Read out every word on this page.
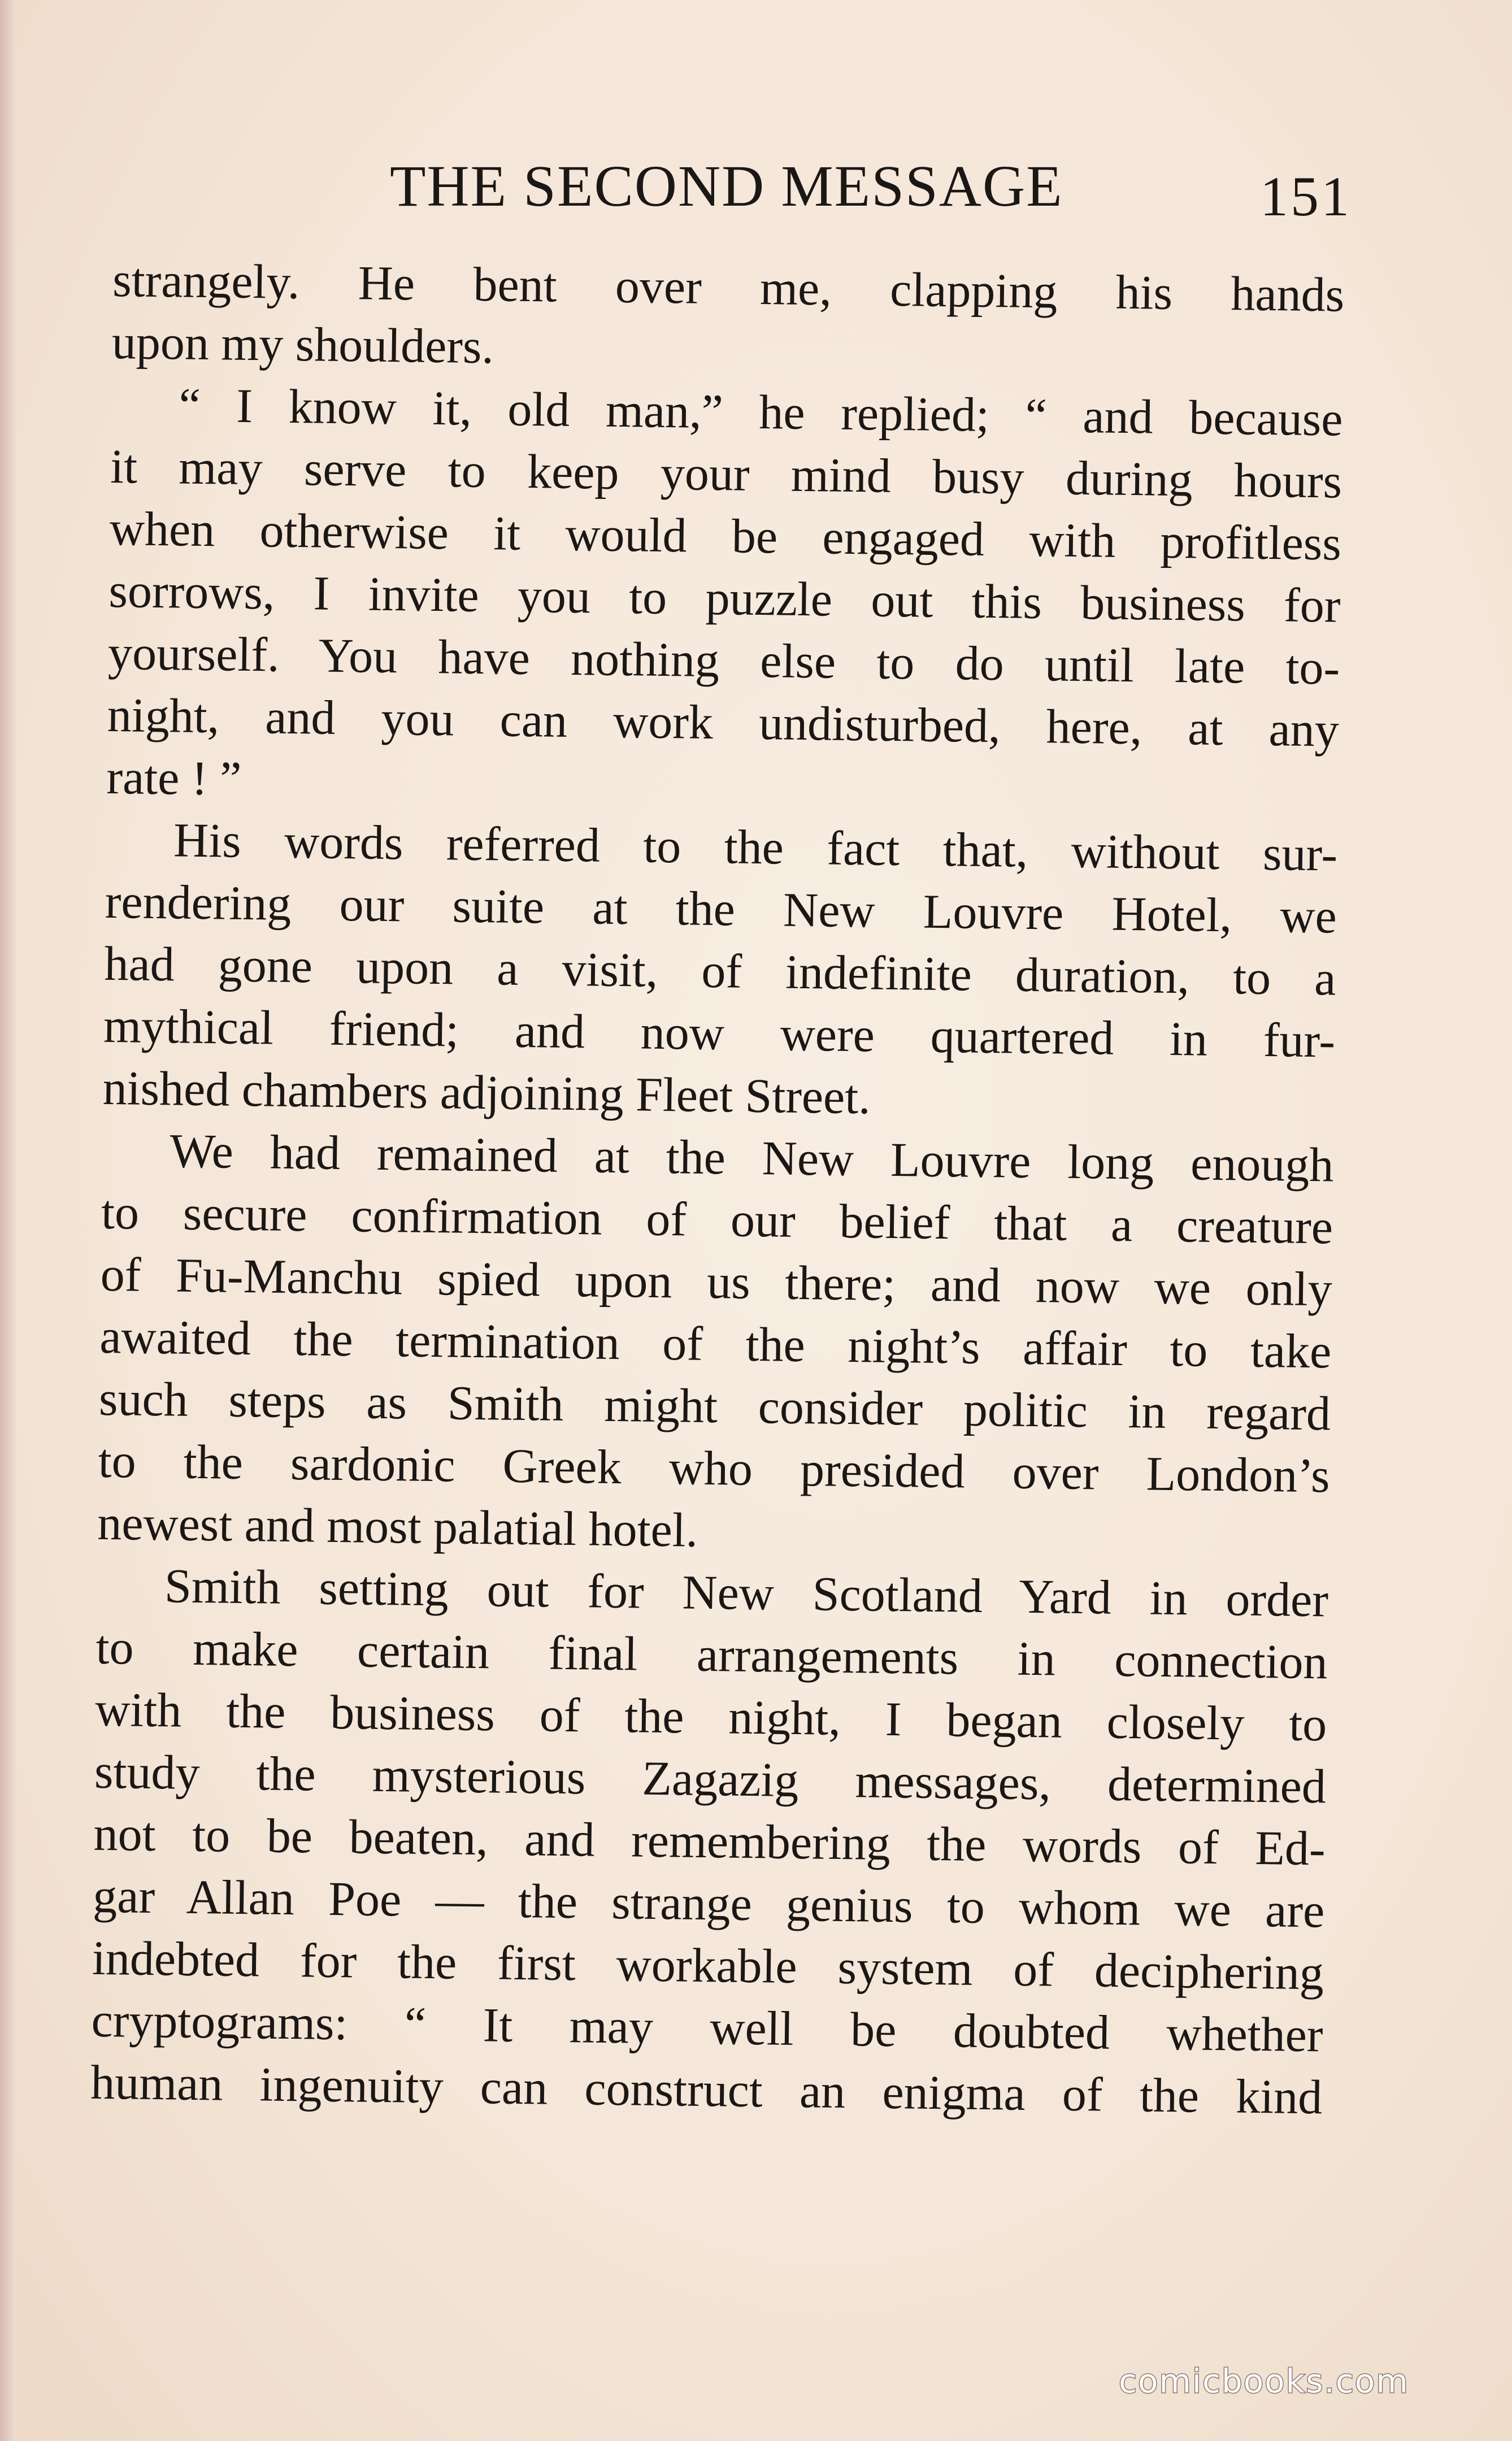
THE SECOND MESSAGE	151
strangely. He bent over me, clapping his hands
upon my shoulders.
“ I know it, old man,” he replied; “ and because
it may serve to keep your mind busy during hours
when otherwise it would be engaged with profitless
sorrows, I invite you to puzzle out this business for
yourself. You have nothing else to do until late to-
night, and you can work undisturbed, here, at any
rate ! ”
His words referred to the fact that, without sur-
rendering our suite at the New Louvre Hotel, we
had gone upon a visit, of indefinite duration, to a
mythical friend; and now were quartered in fur-
nished chambers adjoining Fleet Street.
We had remained at the New Louvre long enough
to secure confirmation of our belief that a creature
of Fu-Manchu spied upon us there; and now we only
awaited the termination of the night’s affair to take
such steps as Smith might consider politic in regard
to the sardonic Greek who presided over London’s
newest and most palatial hotel.
Smith setting out for New Scotland Yard in order
to make certain final arrangements in connection
with the business of the night, I began closely to
study the mysterious Zagazig messages, determined
not to be beaten, and remembering the words of Ed-
gar Allan Poe — the strange genius to whom we are
indebted for the first workable system of deciphering
cryptograms: “ It may well be doubted whether
human ingenuity can construct an enigma of the kind
comicbooks.com
